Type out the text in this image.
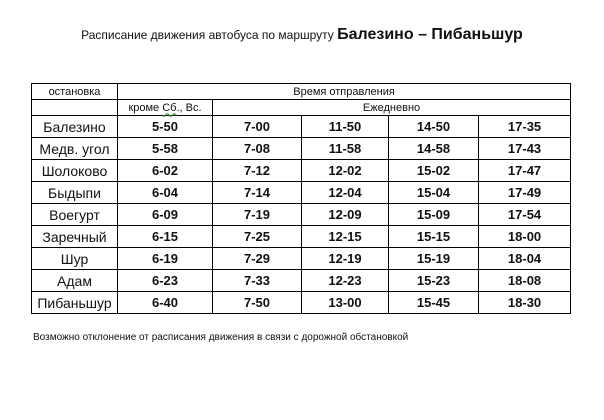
Расписание движения автобуса по маршруту Балезино – Пибаньшур
остановка	Время отправления				
	кроме Сб., Вс.	Ежедневно			
Балезино	5-50	7-00	11-50	14-50	17-35
Медв. угол	5-58	7-08	11-58	14-58	17-43
Шолоково	6-02	7-12	12-02	15-02	17-47
Быдыпи	6-04	7-14	12-04	15-04	17-49
Воегурт	6-09	7-19	12-09	15-09	17-54
Заречный	6-15	7-25	12-15	15-15	18-00
Шур	6-19	7-29	12-19	15-19	18-04
Адам	6-23	7-33	12-23	15-23	18-08
Пибаньшур	6-40	7-50	13-00	15-45	18-30
Возможно отклонение от расписания движения в связи с дорожной обстановкой
